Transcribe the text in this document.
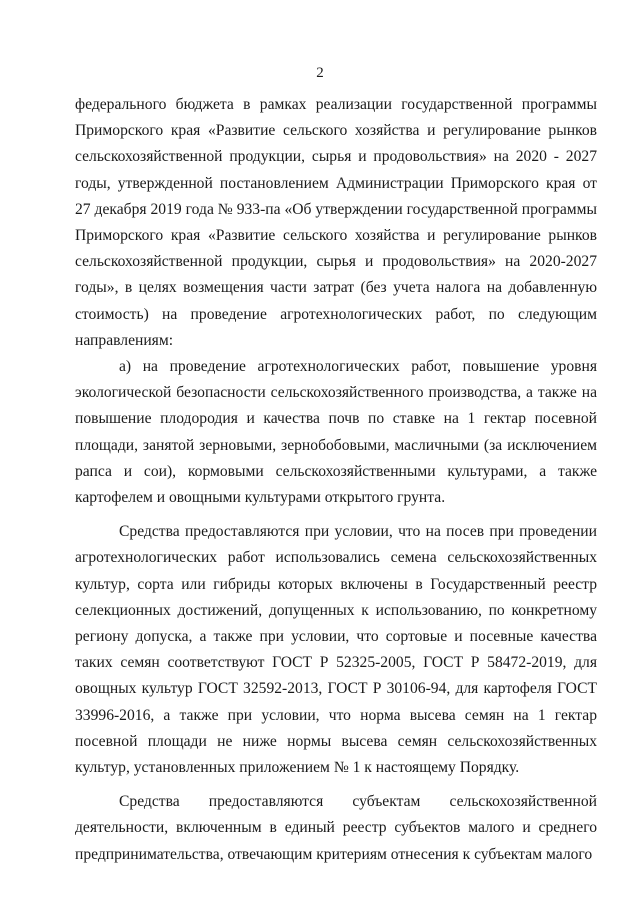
2

федерального бюджета в рамках реализации государственной программы Приморского края «Развитие сельского хозяйства и регулирование рынков сельскохозяйственной продукции, сырья и продовольствия» на 2020 - 2027 годы, утвержденной постановлением Администрации Приморского края от 27 декабря 2019 года № 933-па «Об утверждении государственной программы Приморского края «Развитие сельского хозяйства и регулирование рынков сельскохозяйственной продукции, сырья и продовольствия» на 2020-2027 годы», в целях возмещения части затрат (без учета налога на добавленную стоимость) на проведение агротехнологических работ, по следующим направлениям:

а) на проведение агротехнологических работ, повышение уровня экологической безопасности сельскохозяйственного производства, а также на повышение плодородия и качества почв по ставке на 1 гектар посевной площади, занятой зерновыми, зернобобовыми, масличными (за исключением рапса и сои), кормовыми сельскохозяйственными культурами, а также картофелем и овощными культурами открытого грунта.

Средства предоставляются при условии, что на посев при проведении агротехнологических работ использовались семена сельскохозяйственных культур, сорта или гибриды которых включены в Государственный реестр селекционных достижений, допущенных к использованию, по конкретному региону допуска, а также при условии, что сортовые и посевные качества таких семян соответствуют ГОСТ Р 52325-2005, ГОСТ Р 58472-2019, для овощных культур ГОСТ 32592-2013, ГОСТ Р 30106-94, для картофеля ГОСТ 33996-2016, а также при условии, что норма высева семян на 1 гектар посевной площади не ниже нормы высева семян сельскохозяйственных культур, установленных приложением № 1 к настоящему Порядку.

Средства предоставляются субъектам сельскохозяйственной деятельности, включенным в единый реестр субъектов малого и среднего предпринимательства, отвечающим критериям отнесения к субъектам малого
